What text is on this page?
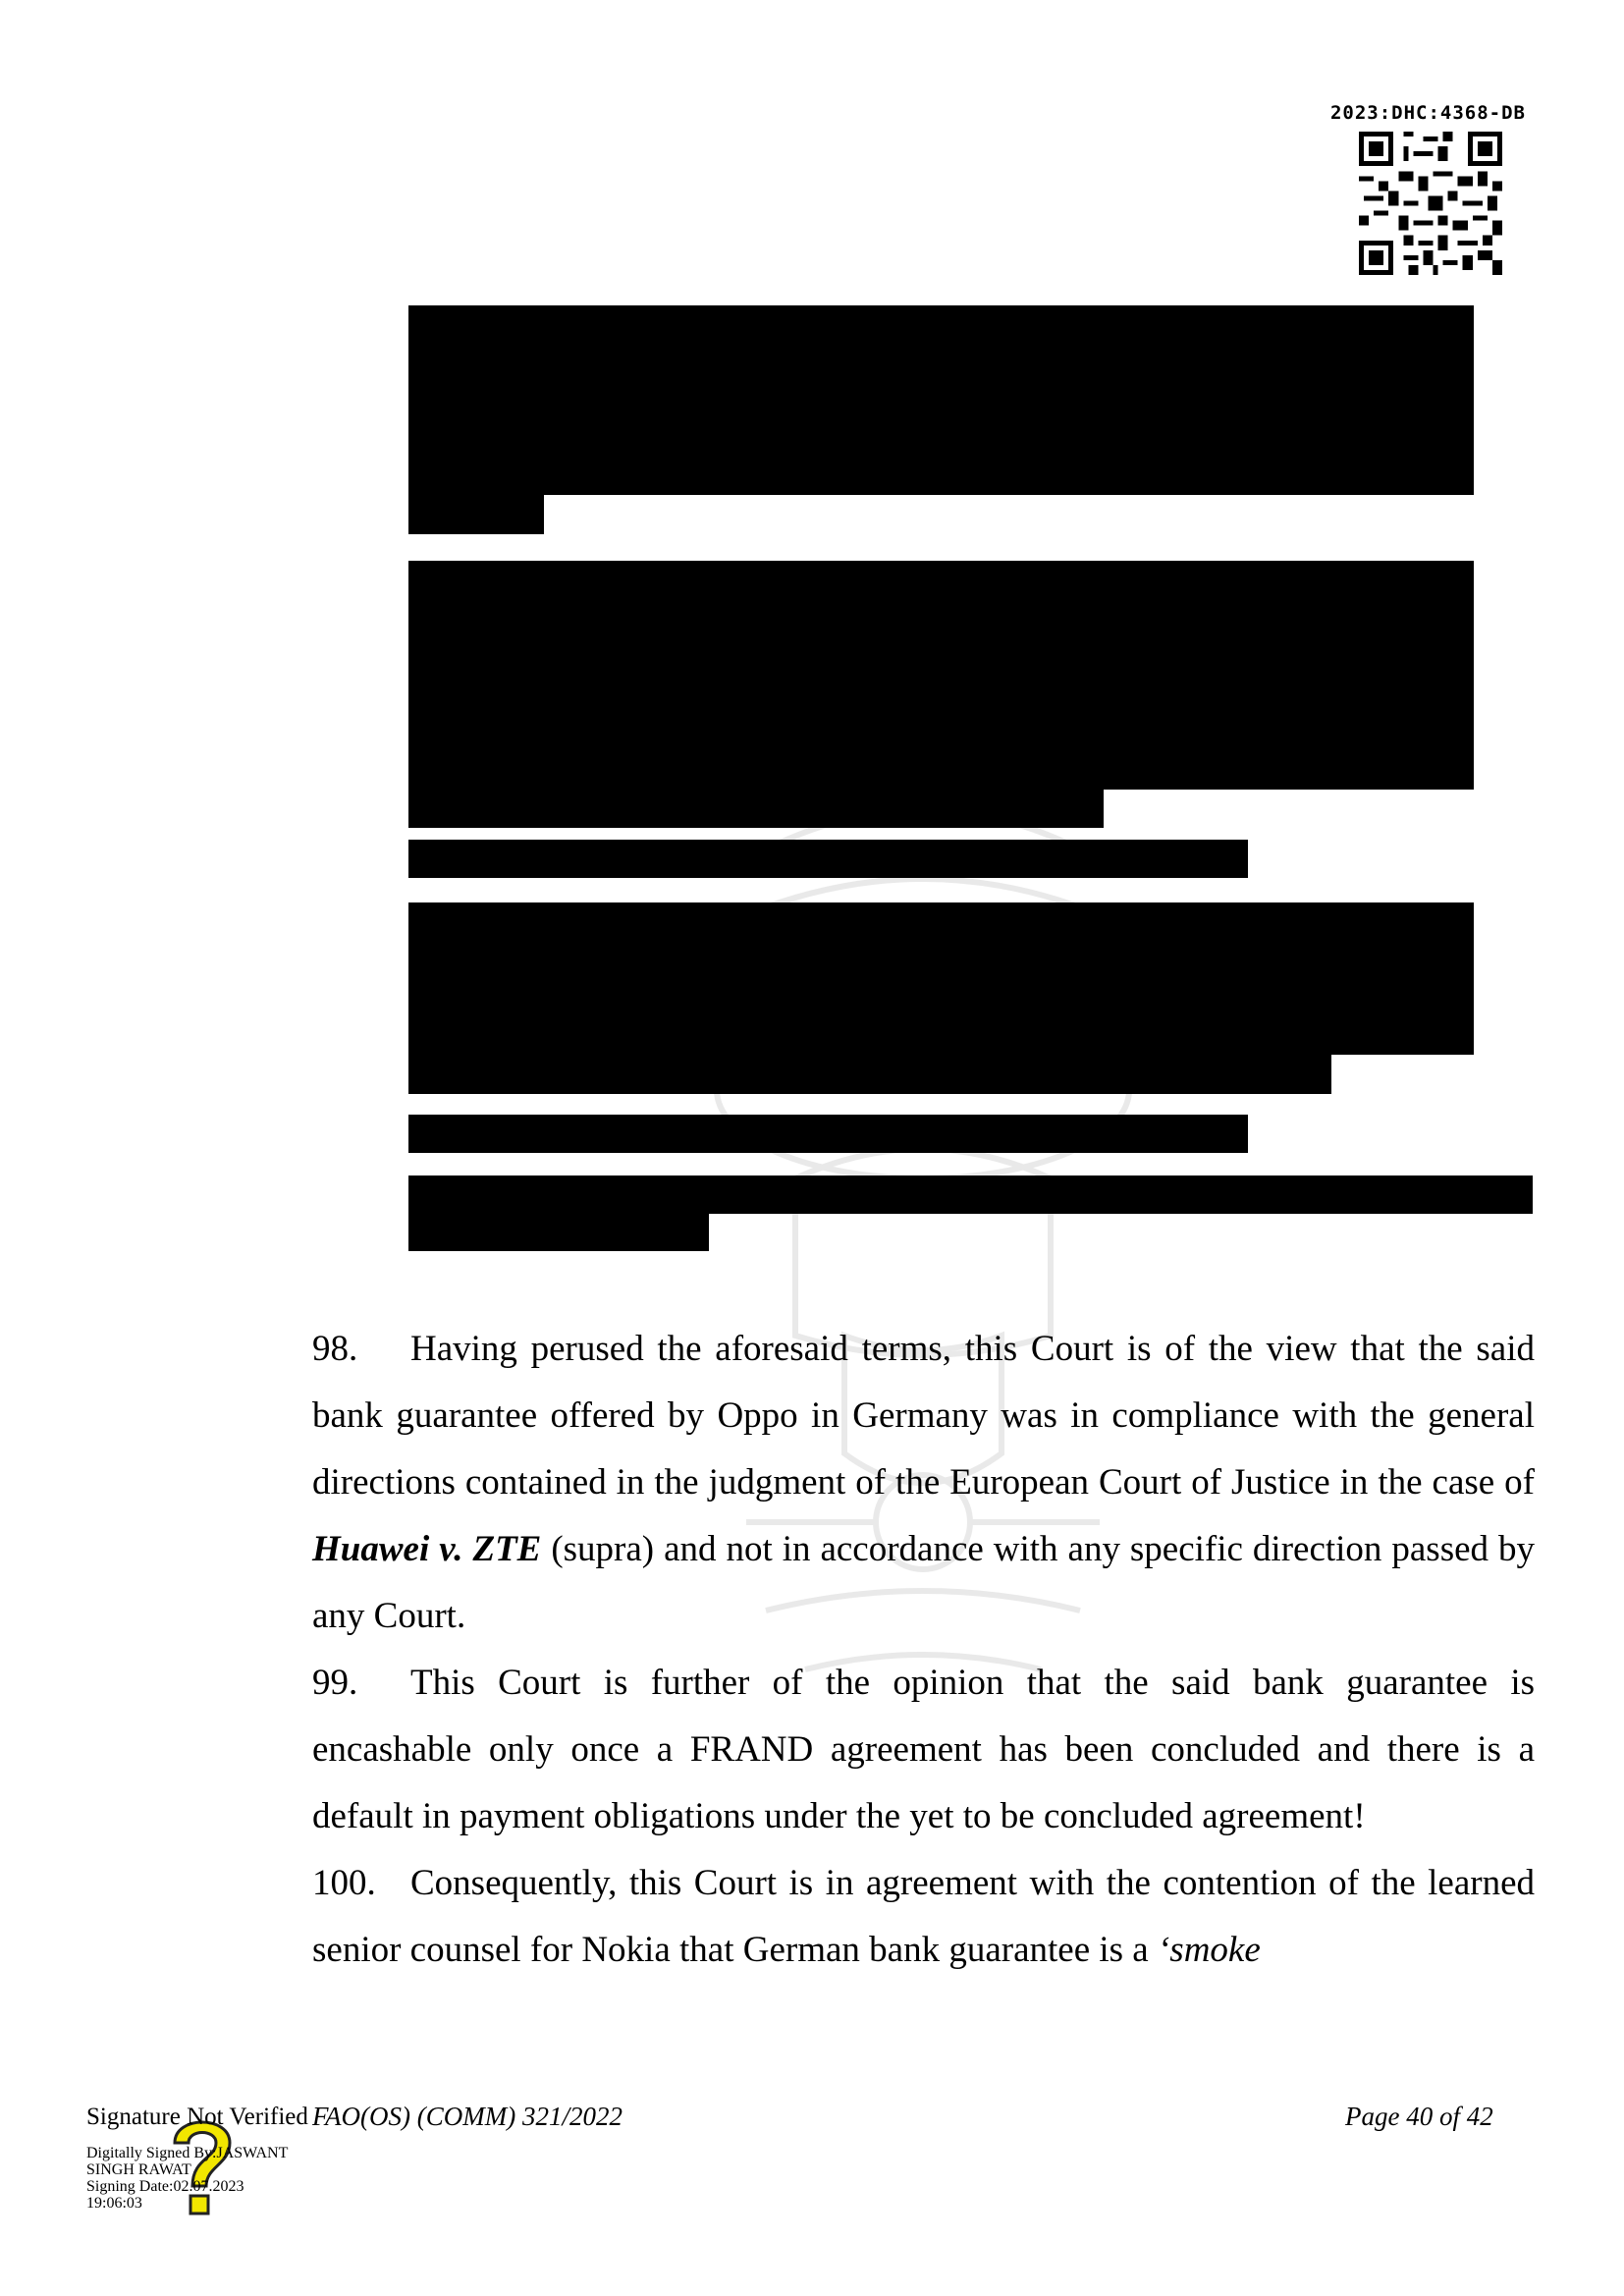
2023:DHC:4368-DB

98. Having perused the aforesaid terms, this Court is of the view that the said bank guarantee offered by Oppo in Germany was in compliance with the general directions contained in the judgment of the European Court of Justice in the case of Huawei v. ZTE (supra) and not in accordance with any specific direction passed by any Court.

99. This Court is further of the opinion that the said bank guarantee is encashable only once a FRAND agreement has been concluded and there is a default in payment obligations under the yet to be concluded agreement!

100. Consequently, this Court is in agreement with the contention of the learned senior counsel for Nokia that German bank guarantee is a ‘smoke

FAO(OS) (COMM) 321/2022	Page 40 of 42
Signature Not Verified
Digitally Signed By:JASWANT
SINGH RAWAT
Signing Date:02.07.2023
19:06:03
